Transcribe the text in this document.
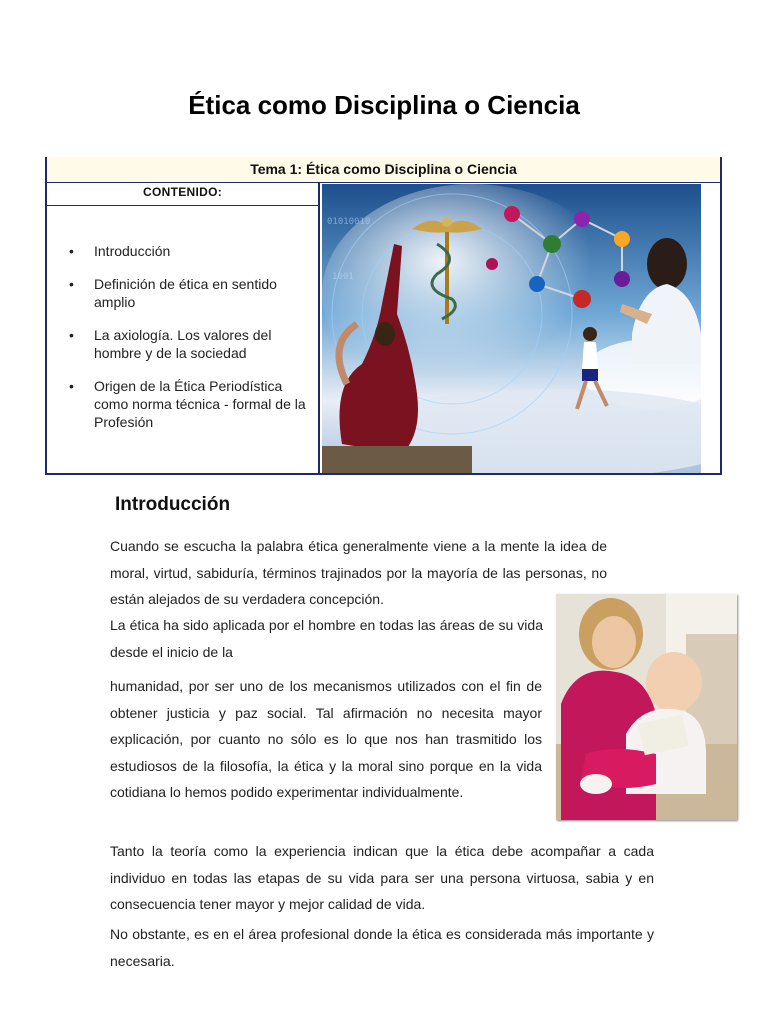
Ética como Disciplina o Ciencia
Tema 1: Ética como Disciplina o Ciencia
CONTENIDO:
• Introducción
• Definición de ética en sentido amplio
• La axiología. Los valores del hombre y de la sociedad
• Origen de la Ética Periodística como norma técnica - formal de la Profesión
01010010
1001
0110 1101
Introducción

Cuando se escucha la palabra ética generalmente viene a la mente la idea de moral, virtud, sabiduría, términos trajinados por la mayoría de las personas, no están alejados de su verdadera concepción.

La ética ha sido aplicada por el hombre en todas las áreas de su vida desde el inicio de la

humanidad, por ser uno de los mecanismos utilizados con el fin de obtener justicia y paz social. Tal afirmación no necesita mayor explicación, por cuanto no sólo es lo que nos han trasmitido los estudiosos de la filosofía, la ética y la moral sino porque en la vida cotidiana lo hemos podido experimentar individualmente.

Tanto la teoría como la experiencia indican que la ética debe acompañar a cada individuo en todas las etapas de su vida para ser una persona virtuosa, sabia y en consecuencia tener mayor y mejor calidad de vida.

No obstante, es en el área profesional donde la ética es considerada más importante y necesaria.
